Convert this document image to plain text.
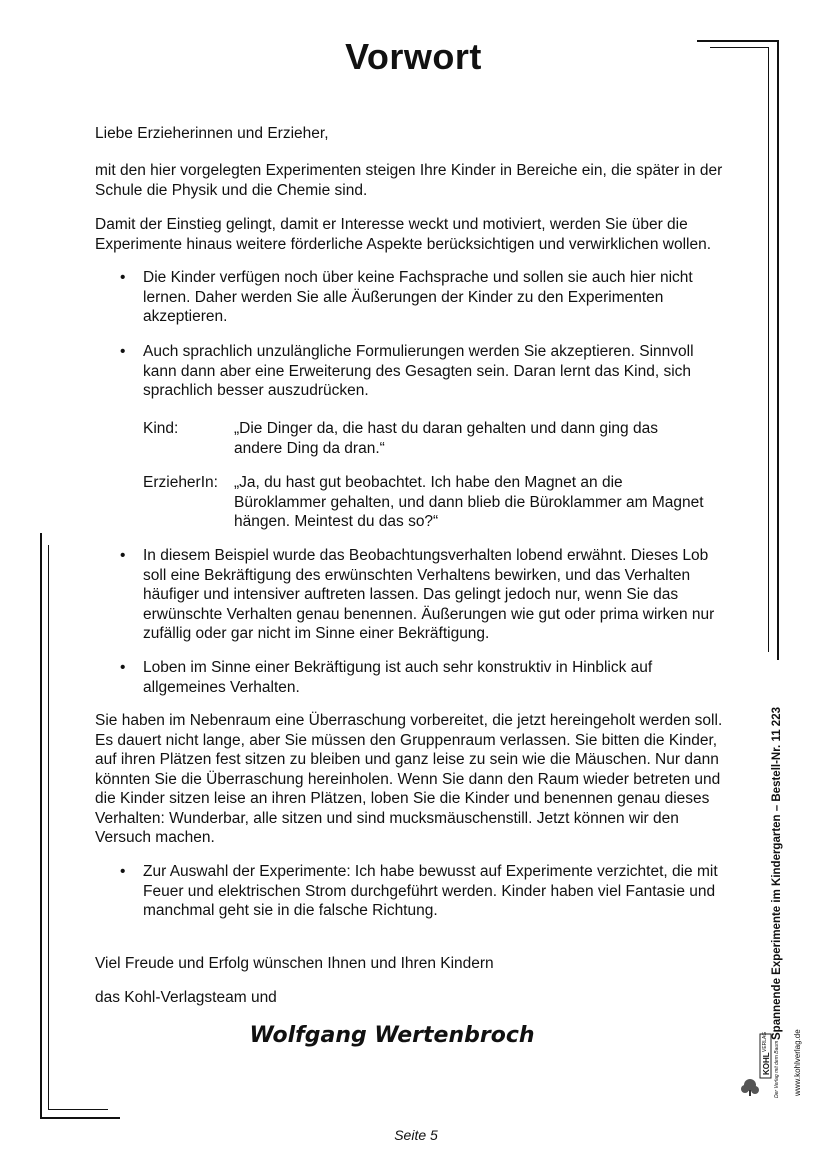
Vorwort
Liebe Erzieherinnen und Erzieher,
mit den hier vorgelegten Experimenten steigen Ihre Kinder in Bereiche ein, die später in der Schule die Physik und die Chemie sind.
Damit der Einstieg gelingt, damit er Interesse weckt und motiviert, werden Sie über die Experimente hinaus weitere förderliche Aspekte berücksichtigen und verwirklichen wollen.
•	Die Kinder verfügen noch über keine Fachsprache und sollen sie auch hier nicht lernen. Daher werden Sie alle Äußerungen der Kinder zu den Experimenten akzeptieren.
•	Auch sprachlich unzulängliche Formulierungen werden Sie akzeptieren. Sinnvoll kann dann aber eine Erweiterung des Gesagten sein. Daran lernt das Kind, sich sprachlich besser auszudrücken.
Kind:	„Die Dinger da, die hast du daran gehalten und dann ging das andere Ding da dran.“
ErzieherIn:	„Ja, du hast gut beobachtet. Ich habe den Magnet an die Büroklammer gehalten, und dann blieb die Büroklammer am Magnet hängen. Meintest du das so?“
•	In diesem Beispiel wurde das Beobachtungsverhalten lobend erwähnt. Dieses Lob soll eine Bekräftigung des erwünschten Verhaltens bewirken, und das Verhalten häufiger und intensiver auftreten lassen. Das gelingt jedoch nur, wenn Sie das erwünschte Verhalten genau benennen. Äußerungen wie gut oder prima wirken nur zufällig oder gar nicht im Sinne einer Bekräftigung.
•	Loben im Sinne einer Bekräftigung ist auch sehr konstruktiv in Hinblick auf allgemeines Verhalten.
Sie haben im Nebenraum eine Überraschung vorbereitet, die jetzt hereingeholt werden soll. Es dauert nicht lange, aber Sie müssen den Gruppenraum verlassen. Sie bitten die Kinder, auf ihren Plätzen fest sitzen zu bleiben und ganz leise zu sein wie die Mäuschen. Nur dann könnten Sie die Überraschung hereinholen. Wenn Sie dann den Raum wieder betreten und die Kinder sitzen leise an ihren Plätzen, loben Sie die Kinder und benennen genau dieses Verhalten: Wunderbar, alle sitzen und sind mucksmäuschenstill. Jetzt können wir den Versuch machen.
•	Zur Auswahl der Experimente: Ich habe bewusst auf Experimente verzichtet, die mit Feuer und elektrischen Strom durchgeführt werden. Kinder haben viel Fantasie und manchmal geht sie in die falsche Richtung.
Viel Freude und Erfolg wünschen Ihnen und Ihren Kindern
das Kohl-Verlagsteam und
Wolfgang Wertenbroch
Seite 5
Spannende Experimente im Kindergarten – Bestell-Nr. 11 223
KOHL
VERLAG Der Verlag mit dem Baum www.kohlverlag.de
